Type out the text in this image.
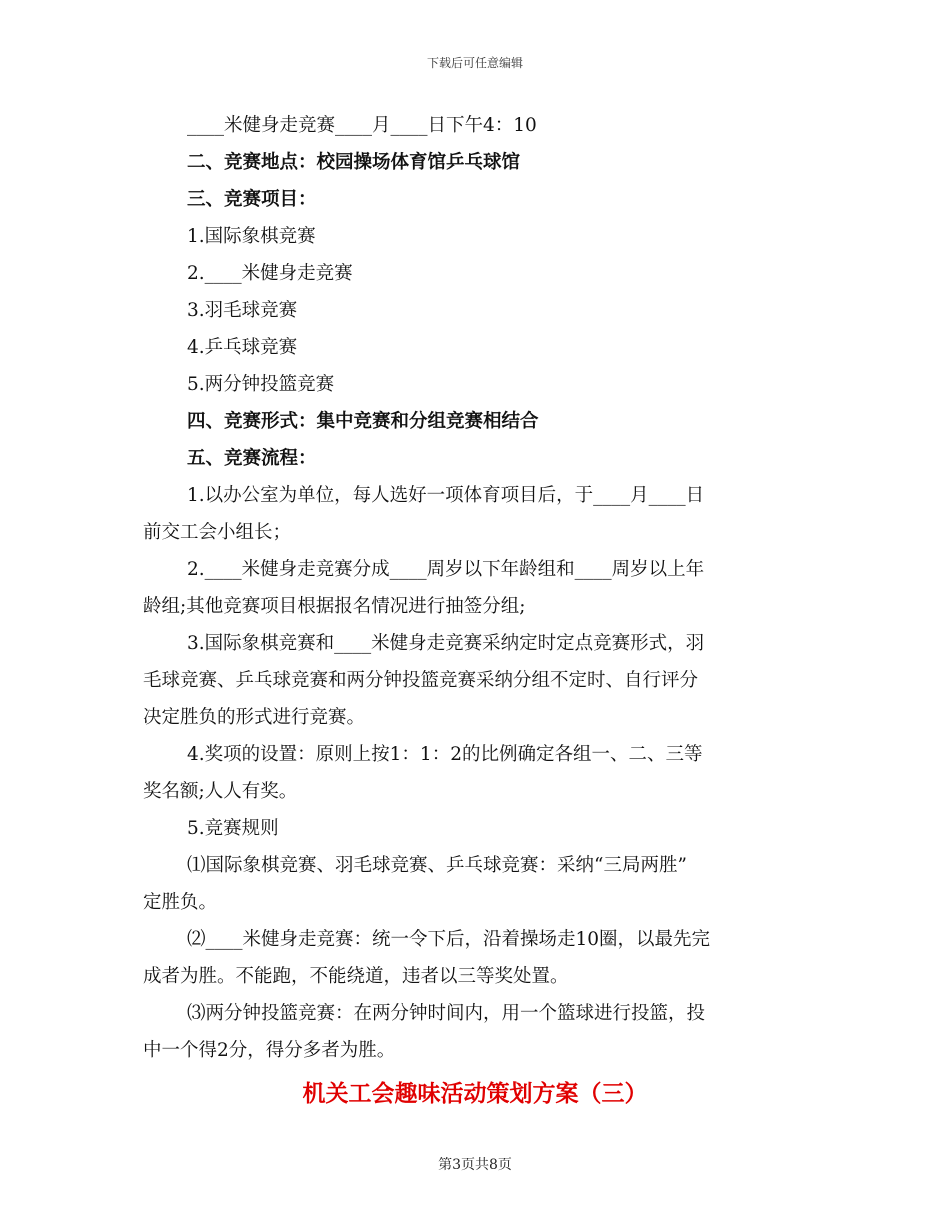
下载后可任意编辑
____米健身走竞赛____月____日下午4：10
二、竞赛地点：校园操场体育馆乒乓球馆
三、竞赛项目：
1.国际象棋竞赛
2.____米健身走竞赛
3.羽毛球竞赛
4.乒乓球竞赛
5.两分钟投篮竞赛
四、竞赛形式：集中竞赛和分组竞赛相结合
五、竞赛流程：
1.以办公室为单位，每人选好一项体育项目后，于____月____日
前交工会小组长；
2.____米健身走竞赛分成____周岁以下年龄组和____周岁以上年
龄组;其他竞赛项目根据报名情况进行抽签分组;
3.国际象棋竞赛和____米健身走竞赛采纳定时定点竞赛形式，羽
毛球竞赛、乒乓球竞赛和两分钟投篮竞赛采纳分组不定时、自行评分
决定胜负的形式进行竞赛。
4.奖项的设置：原则上按1：1：2的比例确定各组一、二、三等
奖名额;人人有奖。
5.竞赛规则
⑴国际象棋竞赛、羽毛球竞赛、乒乓球竞赛：采纳“三局两胜”
定胜负。
⑵____米健身走竞赛：统一令下后，沿着操场走10圈，以最先完
成者为胜。不能跑，不能绕道，违者以三等奖处置。
⑶两分钟投篮竞赛：在两分钟时间内，用一个篮球进行投篮，投
中一个得2分，得分多者为胜。
机关工会趣味活动策划方案（三）
第3页共8页
